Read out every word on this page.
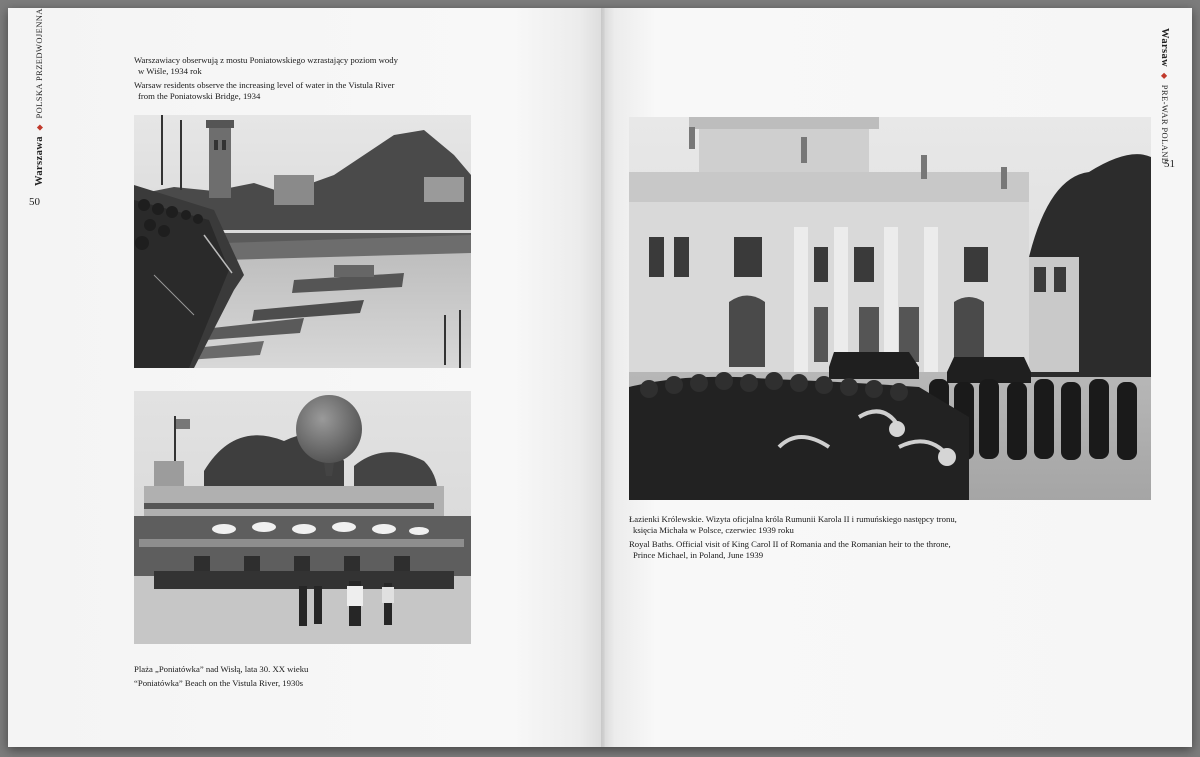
Warszawa ◆ POLSKA PRZEDWOJENNA
50
Warszawiacy obserwują z mostu Poniatowskiego wzrastający poziom wody
w Wiśle, 1934 rok
Warsaw residents observe the increasing level of water in the Vistula River
from the Poniatowski Bridge, 1934
Plaża „Poniatówka” nad Wisłą, lata 30. XX wieku
“Poniatówka” Beach on the Vistula River, 1930s
Łazienki Królewskie. Wizyta oficjalna króla Rumunii Karola II i rumuńskiego następcy tronu,
księcia Michała w Polsce, czerwiec 1939 roku
Royal Baths. Official visit of King Carol II of Romania and the Romanian heir to the throne,
Prince Michael, in Poland, June 1939
Warsaw ◆ PRE-WAR POLAND
51
